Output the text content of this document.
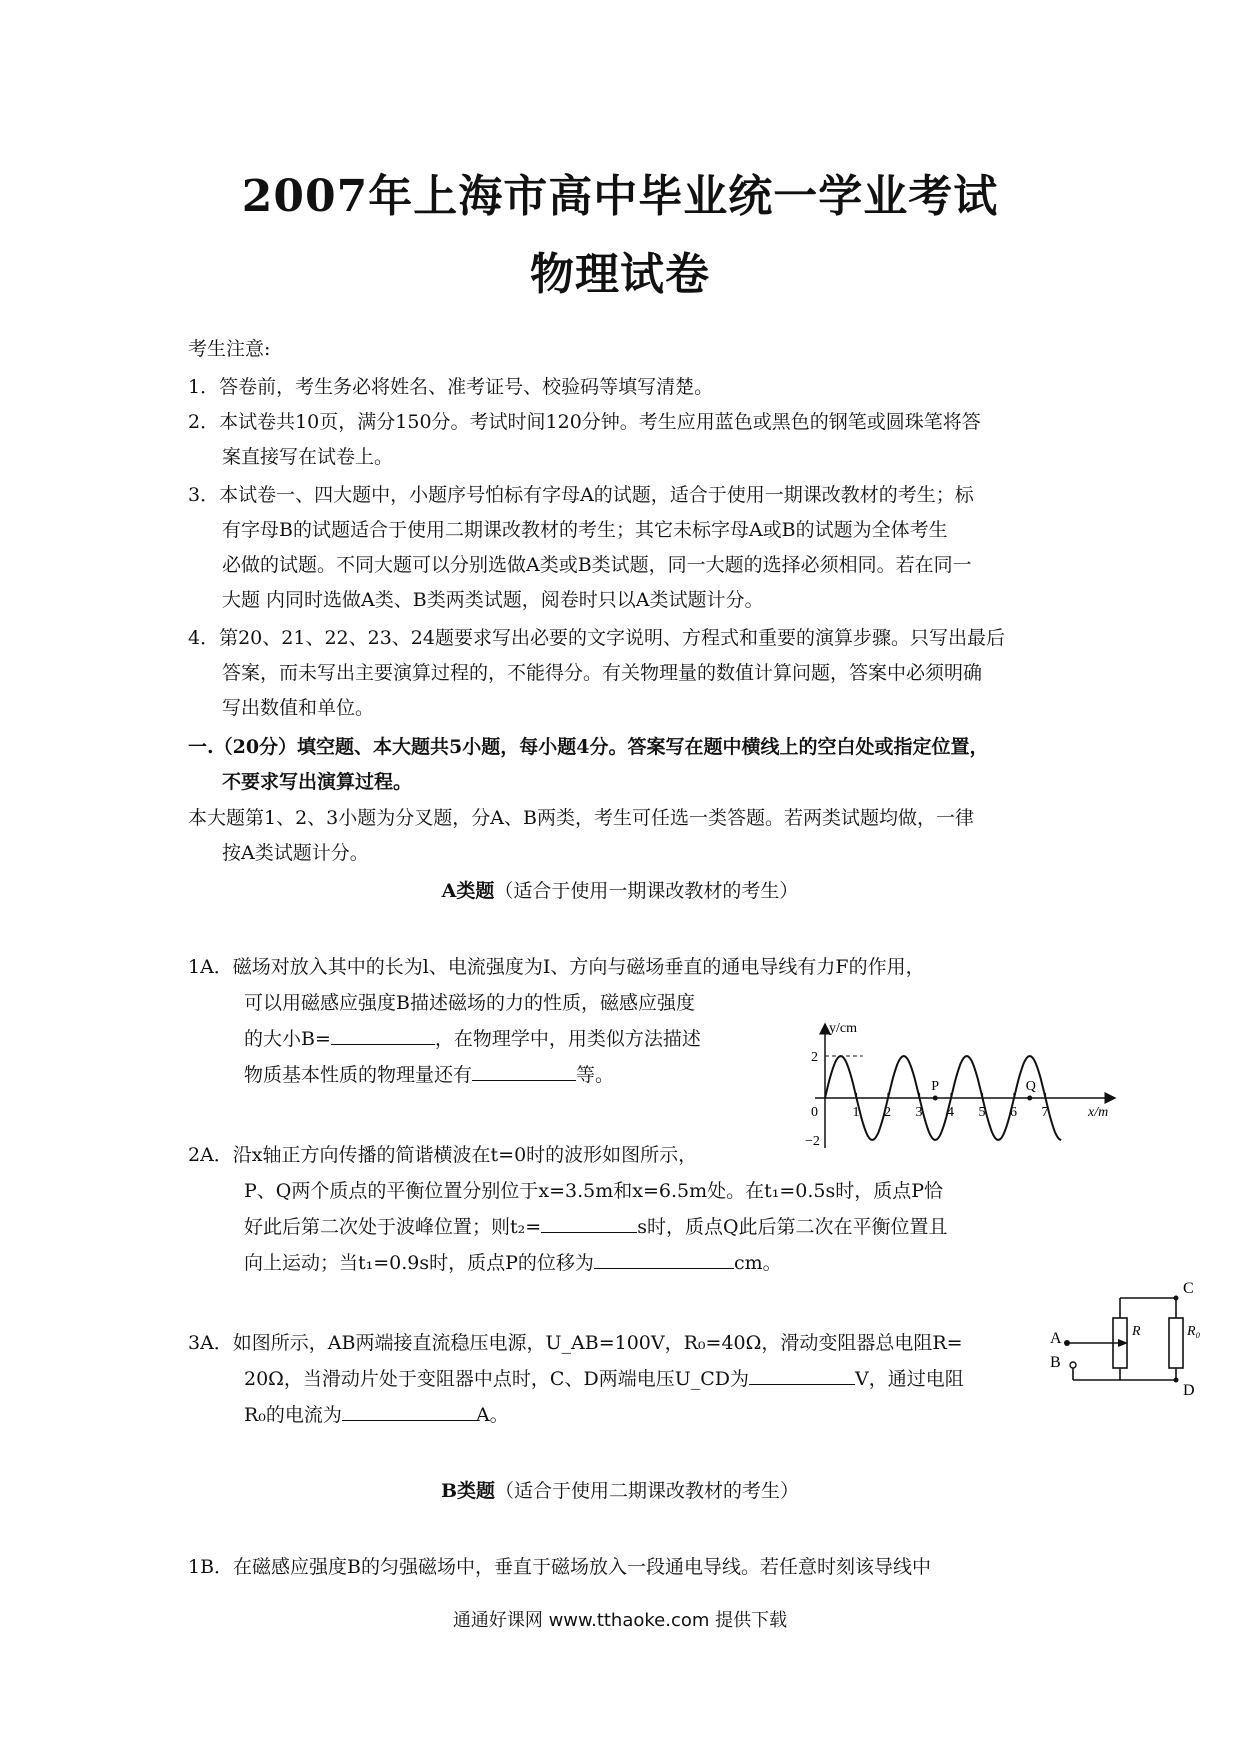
2007年上海市高中毕业统一学业考试
物理试卷
考生注意:
1．答卷前，考生务必将姓名、准考证号、校验码等填写清楚。
2．本试卷共10页，满分150分。考试时间120分钟。考生应用蓝色或黑色的钢笔或圆珠笔将答
案直接写在试卷上。
3．本试卷一、四大题中，小题序号怕标有字母A的试题，适合于使用一期课改教材的考生；标
有字母B的试题适合于使用二期课改教材的考生；其它未标字母A或B的试题为全体考生
必做的试题。不同大题可以分别选做A类或B类试题，同一大题的选择必须相同。若在同一
大题 内同时选做A类、B类两类试题，阅卷时只以A类试题计分。
4．第20、21、22、23、24题要求写出必要的文字说明、方程式和重要的演算步骤。只写出最后
答案，而未写出主要演算过程的，不能得分。有关物理量的数值计算问题，答案中必须明确
写出数值和单位。
一.（20分）填空题、本大题共5小题，每小题4分。答案写在题中横线上的空白处或指定位置，
不要求写出演算过程。
本大题第1、2、3小题为分叉题，分A、B两类，考生可任选一类答题。若两类试题均做，一律
按A类试题计分。
A类题（适合于使用一期课改教材的考生）
1A．磁场对放入其中的长为l、电流强度为I、方向与磁场垂直的通电导线有力F的作用，
可以用磁感应强度B描述磁场的力的性质，磁感应强度
的大小B=	，在物理学中，用类似方法描述
物质基本性质的物理量还有	等。
2A．沿x轴正方向传播的简谐横波在t=0时的波形如图所示，
P、Q两个质点的平衡位置分别位于x=3.5m和x=6.5m处。在t₁=0.5s时，质点P恰
好此后第二次处于波峰位置；则t₂=	s时，质点Q此后第二次在平衡位置且
向上运动；当t₁=0.9s时，质点P的位移为	cm。
3A．如图所示，AB两端接直流稳压电源，U_AB=100V，R₀=40Ω，滑动变阻器总电阻R=
20Ω，当滑动片处于变阻器中点时，C、D两端电压U_CD为	V，通过电阻
R₀的电流为	A。
B类题（适合于使用二期课改教材的考生）
1B．在磁感应强度B的匀强磁场中，垂直于磁场放入一段通电导线。若任意时刻该导线中
通通好课网 www.tthaoke.com 提供下载
y/cm
x/m
2
−2
0 1 2 3 4 5 6 7
P	Q
A
B
C
D
R	R₀
